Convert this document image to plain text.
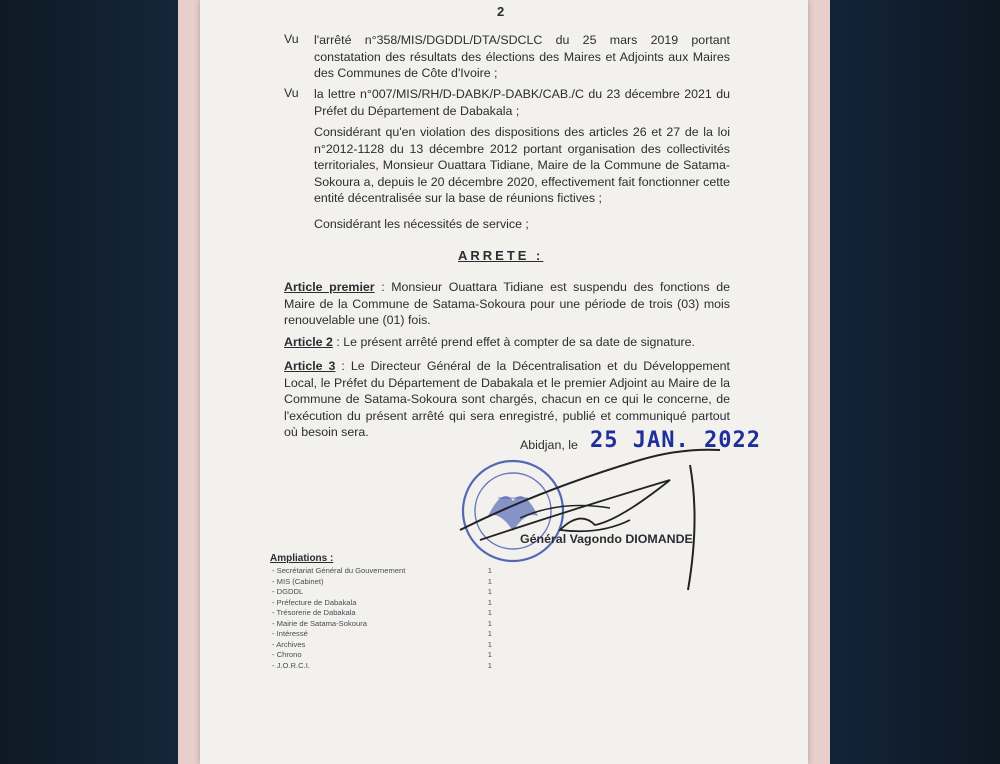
2
Vu l'arrêté n°358/MIS/DGDDL/DTA/SDCLC du 25 mars 2019 portant constatation des résultats des élections des Maires et Adjoints aux Maires des Communes de Côte d'Ivoire ;
Vu la lettre n°007/MIS/RH/D-DABK/P-DABK/CAB./C du 23 décembre 2021 du Préfet du Département de Dabakala ;
Considérant qu'en violation des dispositions des articles 26 et 27 de la loi n°2012-1128 du 13 décembre 2012 portant organisation des collectivités territoriales, Monsieur Ouattara Tidiane, Maire de la Commune de Satama-Sokoura a, depuis le 20 décembre 2020, effectivement fait fonctionner cette entité décentralisée sur la base de réunions fictives ;
Considérant les nécessités de service ;
ARRETE :
Article premier : Monsieur Ouattara Tidiane est suspendu des fonctions de Maire de la Commune de Satama-Sokoura pour une période de trois (03) mois renouvelable une (01) fois.
Article 2 : Le présent arrêté prend effet à compter de sa date de signature.
Article 3 : Le Directeur Général de la Décentralisation et du Développement Local, le Préfet du Département de Dabakala et le premier Adjoint au Maire de la Commune de Satama-Sokoura sont chargés, chacun en ce qui le concerne, de l'exécution du présent arrêté qui sera enregistré, publié et communiqué partout où besoin sera.
Abidjan, le 25 JAN. 2022
Général Vagondo DIOMANDE
Ampliations :
- Secrétariat Général du Gouvernement	1
- MIS (Cabinet)	1
- DGDDL	1
- Préfecture de Dabakala	1
- Trésorerie de Dabakala	1
- Mairie de Satama-Sokoura	1
- Intéressé	1
- Archives	1
- Chrono	1
- J.O.R.C.I.	1
